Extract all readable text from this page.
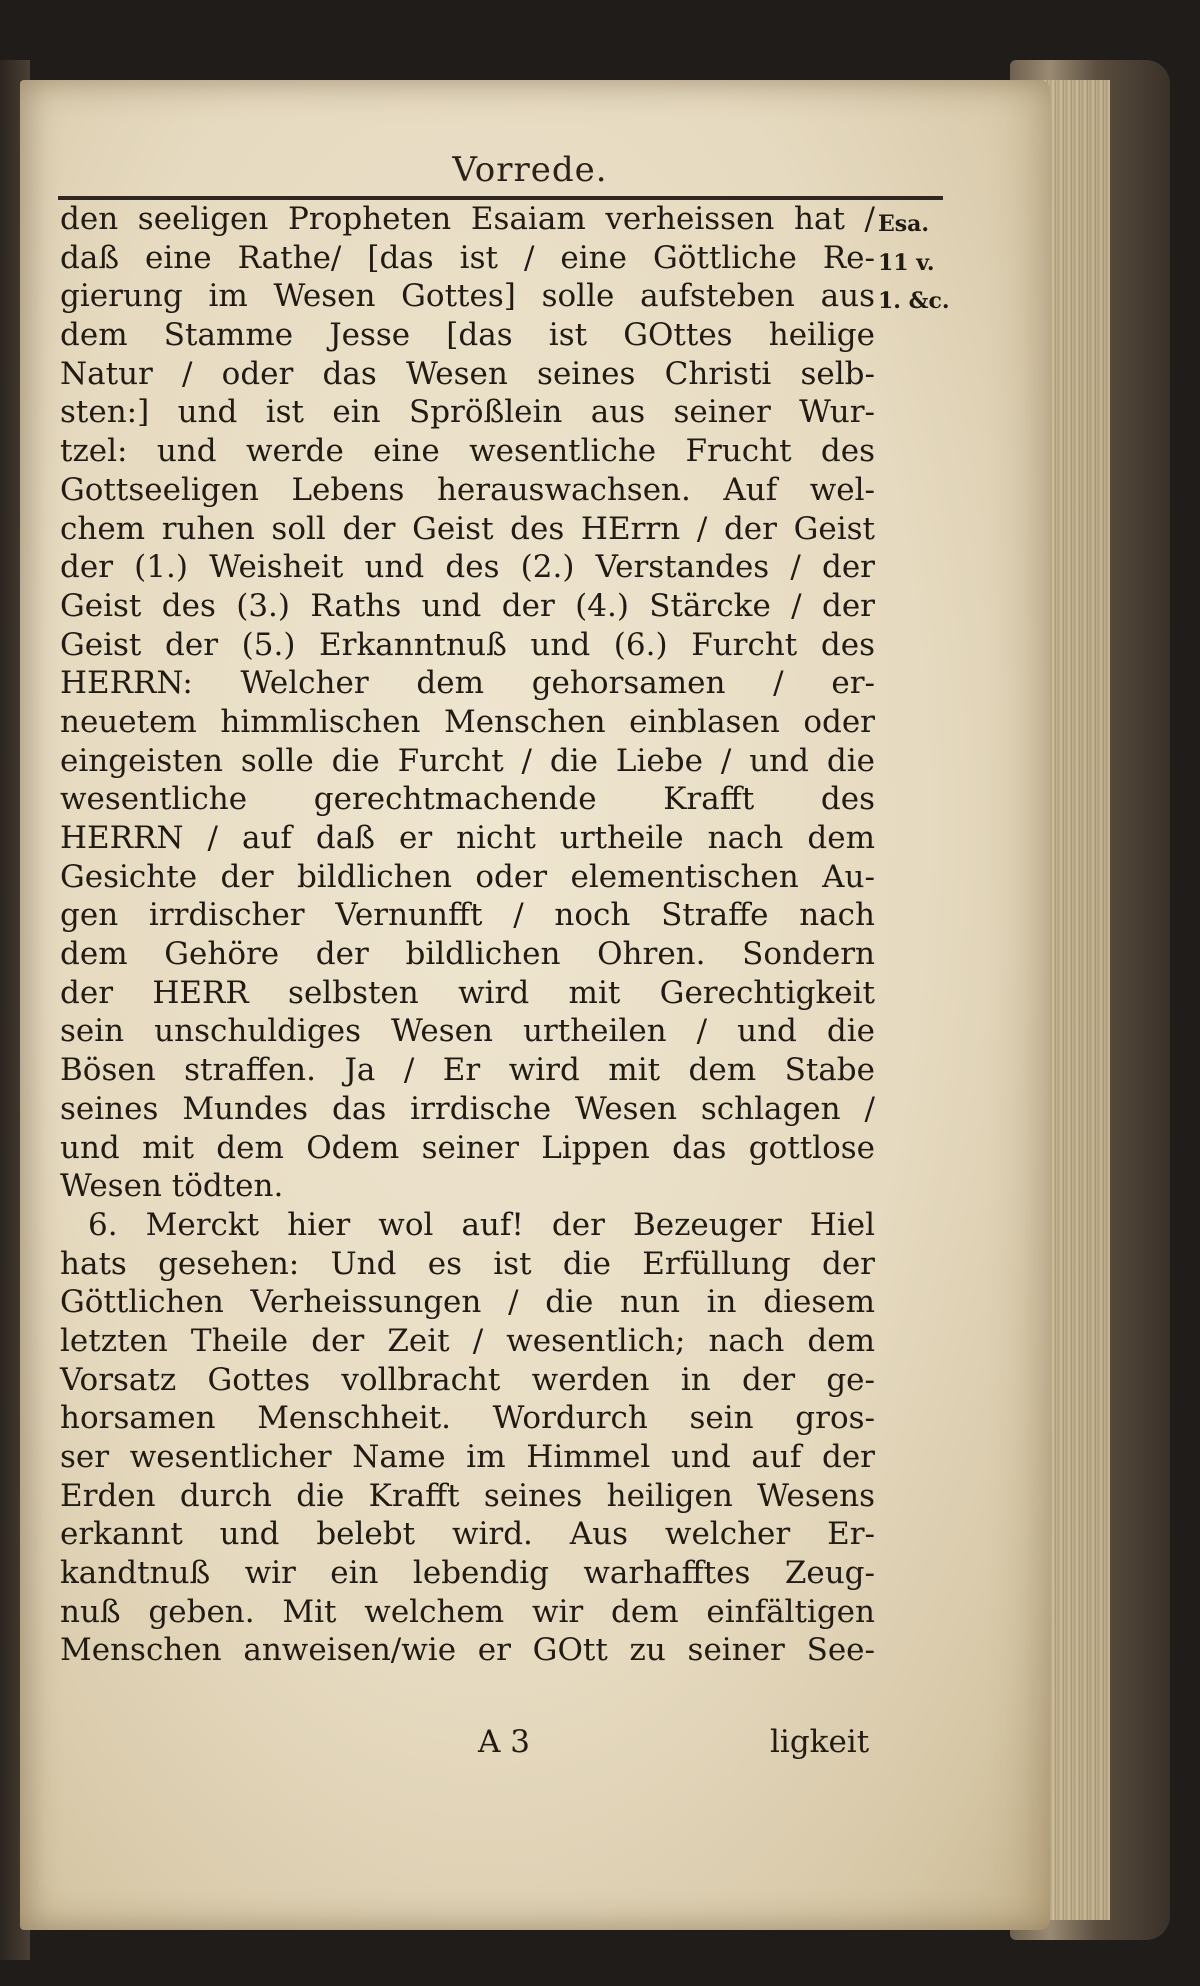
Vorrede.
Esa.
11 v.
1. &c.
den seeligen Propheten Esaiam verheissen hat /
daß eine Rathe/ [das ist / eine Göttliche Re-
gierung im Wesen Gottes] solle aufsteben aus
dem Stamme Jesse [das ist GOttes heilige
Natur / oder das Wesen seines Christi selb-
sten:] und ist ein Sprößlein aus seiner Wur-
tzel: und werde eine wesentliche Frucht des
Gottseeligen Lebens herauswachsen. Auf wel-
chem ruhen soll der Geist des HErrn / der Geist
der (1.) Weisheit und des (2.) Verstandes / der
Geist des (3.) Raths und der (4.) Stärcke / der
Geist der (5.) Erkanntnuß und (6.) Furcht des
HERRN: Welcher dem gehorsamen / er-
neuetem himmlischen Menschen einblasen oder
eingeisten solle die Furcht / die Liebe / und die
wesentliche gerechtmachende Krafft des
HERRN / auf daß er nicht urtheile nach dem
Gesichte der bildlichen oder elementischen Au-
gen irrdischer Vernunfft / noch Straffe nach
dem Gehöre der bildlichen Ohren. Sondern
der HERR selbsten wird mit Gerechtigkeit
sein unschuldiges Wesen urtheilen / und die
Bösen straffen. Ja / Er wird mit dem Stabe
seines Mundes das irrdische Wesen schlagen /
und mit dem Odem seiner Lippen das gottlose
Wesen tödten.
6. Merckt hier wol auf! der Bezeuger Hiel
hats gesehen: Und es ist die Erfüllung der
Göttlichen Verheissungen / die nun in diesem
letzten Theile der Zeit / wesentlich; nach dem
Vorsatz Gottes vollbracht werden in der ge-
horsamen Menschheit. Wordurch sein gros-
ser wesentlicher Name im Himmel und auf der
Erden durch die Krafft seines heiligen Wesens
erkannt und belebt wird. Aus welcher Er-
kandtnuß wir ein lebendig warhafftes Zeug-
nuß geben. Mit welchem wir dem einfältigen
Menschen anweisen/wie er GOtt zu seiner See-
A 3	ligkeit
